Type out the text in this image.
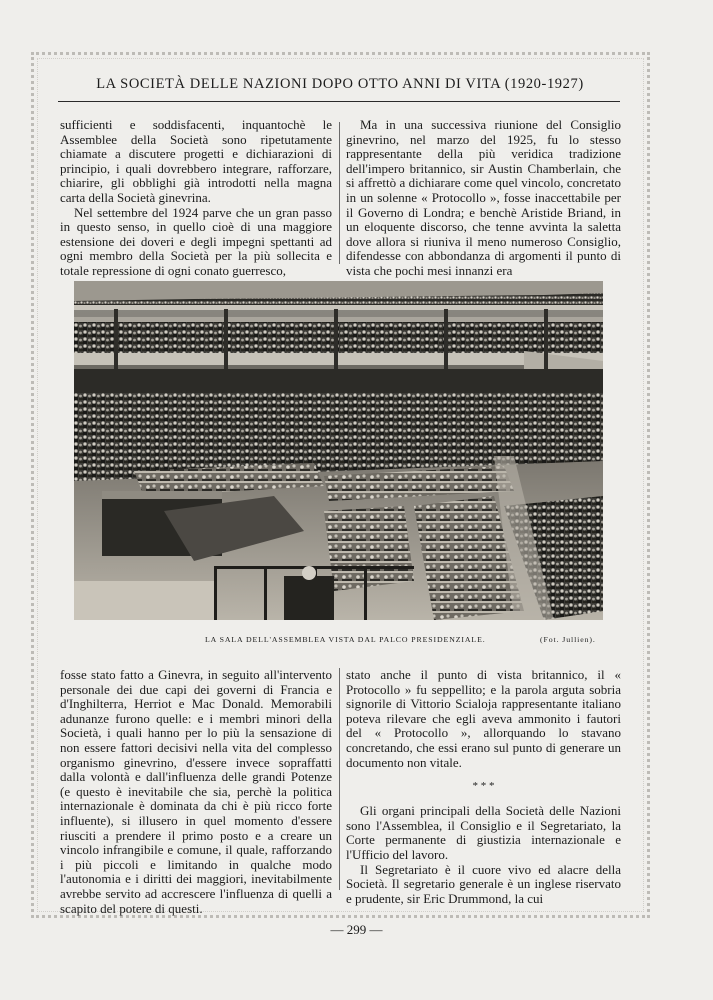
LA SOCIETÀ DELLE NAZIONI DOPO OTTO ANNI DI VITA (1920-1927)

sufficienti e soddisfacenti, inquantochè le Assemblee della Società sono ripetutamente chiamate a discutere progetti e dichiarazioni di principio, i quali dovrebbero integrare, rafforzare, chiarire, gli obblighi già introdotti nella magna carta della Società ginevrina.

Nel settembre del 1924 parve che un gran passo in questo senso, in quello cioè di una maggiore estensione dei doveri e degli impegni spettanti ad ogni membro della Società per la più sollecita e totale repressione di ogni conato guerresco,

Ma in una successiva riunione del Consiglio ginevrino, nel marzo del 1925, fu lo stesso rappresentante della più veridica tradizione dell'impero britannico, sir Austin Chamberlain, che si affrettò a dichiarare come quel vincolo, concretato in un solenne « Protocollo », fosse inaccettabile per il Governo di Londra; e benchè Aristide Briand, in un eloquente discorso, che tenne avvinta la saletta dove allora si riuniva il meno numeroso Consiglio, difendesse con abbondanza di argomenti il punto di vista che pochi mesi innanzi era

LA SALA DELL'ASSEMBLEA VISTA DAL PALCO PRESIDENZIALE.	(Fot. Jullien).

fosse stato fatto a Ginevra, in seguito all'intervento personale dei due capi dei governi di Francia e d'Inghilterra, Herriot e Mac Donald. Memorabili adunanze furono quelle: e i membri minori della Società, i quali hanno per lo più la sensazione di non essere fattori decisivi nella vita del complesso organismo ginevrino, d'essere invece sopraffatti dalla volontà e dall'influenza delle grandi Potenze (e questo è inevitabile che sia, perchè la politica internazionale è dominata da chi è più ricco forte influente), si illusero in quel momento d'essere riusciti a prendere il primo posto e a creare un vincolo infrangibile e comune, il quale, rafforzando i più piccoli e limitando in qualche modo l'autonomia e i diritti dei maggiori, inevitabilmente avrebbe servito ad accrescere l'influenza di quelli a scapito del potere di questi.

stato anche il punto di vista britannico, il « Protocollo » fu seppellito; e la parola arguta sobria signorile di Vittorio Scialoja rappresentante italiano poteva rilevare che egli aveva ammonito i fautori del « Protocollo », allorquando lo stavano concretando, che essi erano sul punto di generare un documento non vitale.

* * *

Gli organi principali della Società delle Nazioni sono l'Assemblea, il Consiglio e il Segretariato, la Corte permanente di giustizia internazionale e l'Ufficio del lavoro.

Il Segretariato è il cuore vivo ed alacre della Società. Il segretario generale è un inglese riservato e prudente, sir Eric Drummond, la cui

— 299 —
